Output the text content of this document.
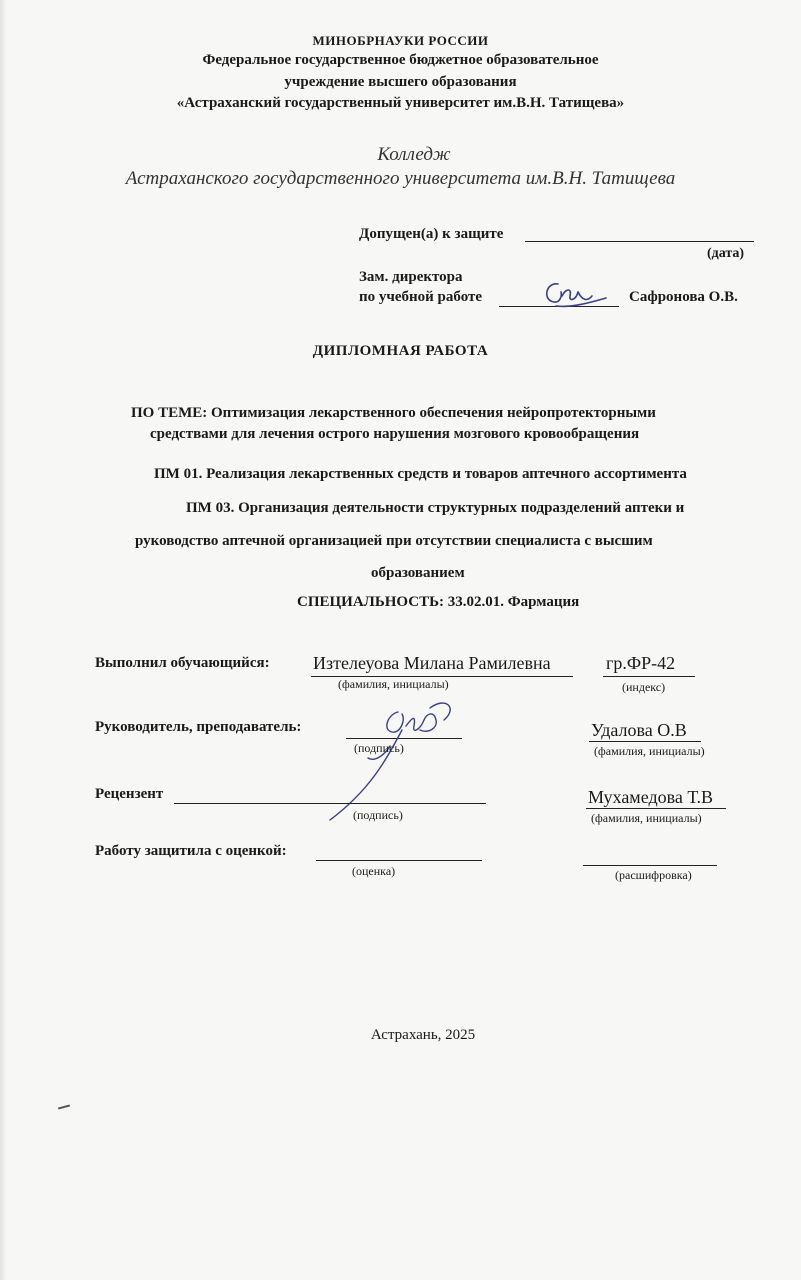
МИНОБРНАУКИ РОССИИ
Федеральное государственное бюджетное образовательное
учреждение высшего образования
«Астраханский государственный университет им.В.Н. Татищева»
Колледж
Астраханского государственного университета им.В.Н. Татищева
Допущен(а) к защите
(дата)
Зам. директора
по учебной работе	Сафронова О.В.
ДИПЛОМНАЯ РАБОТА
ПО ТЕМЕ: Оптимизация лекарственного обеспечения нейропротекторными
средствами для лечения острого нарушения мозгового кровообращения
ПМ 01. Реализация лекарственных средств и товаров аптечного ассортимента
ПМ 03. Организация деятельности структурных подразделений аптеки и
руководство аптечной организацией при отсутствии специалиста с высшим
образованием
СПЕЦИАЛЬНОСТЬ: 33.02.01. Фармация
Выполнил обучающийся: Изтелеуова Милана Рамилевна
(фамилия, инициалы)
гр.ФР-42
(индекс)
Руководитель, преподаватель:
(подпись)
Удалова О.В
(фамилия, инициалы)
Рецензент
(подпись)
Мухамедова Т.В
(фамилия, инициалы)
Работу защитила с оценкой:
(оценка)	(расшифровка)
Астрахань, 2025
